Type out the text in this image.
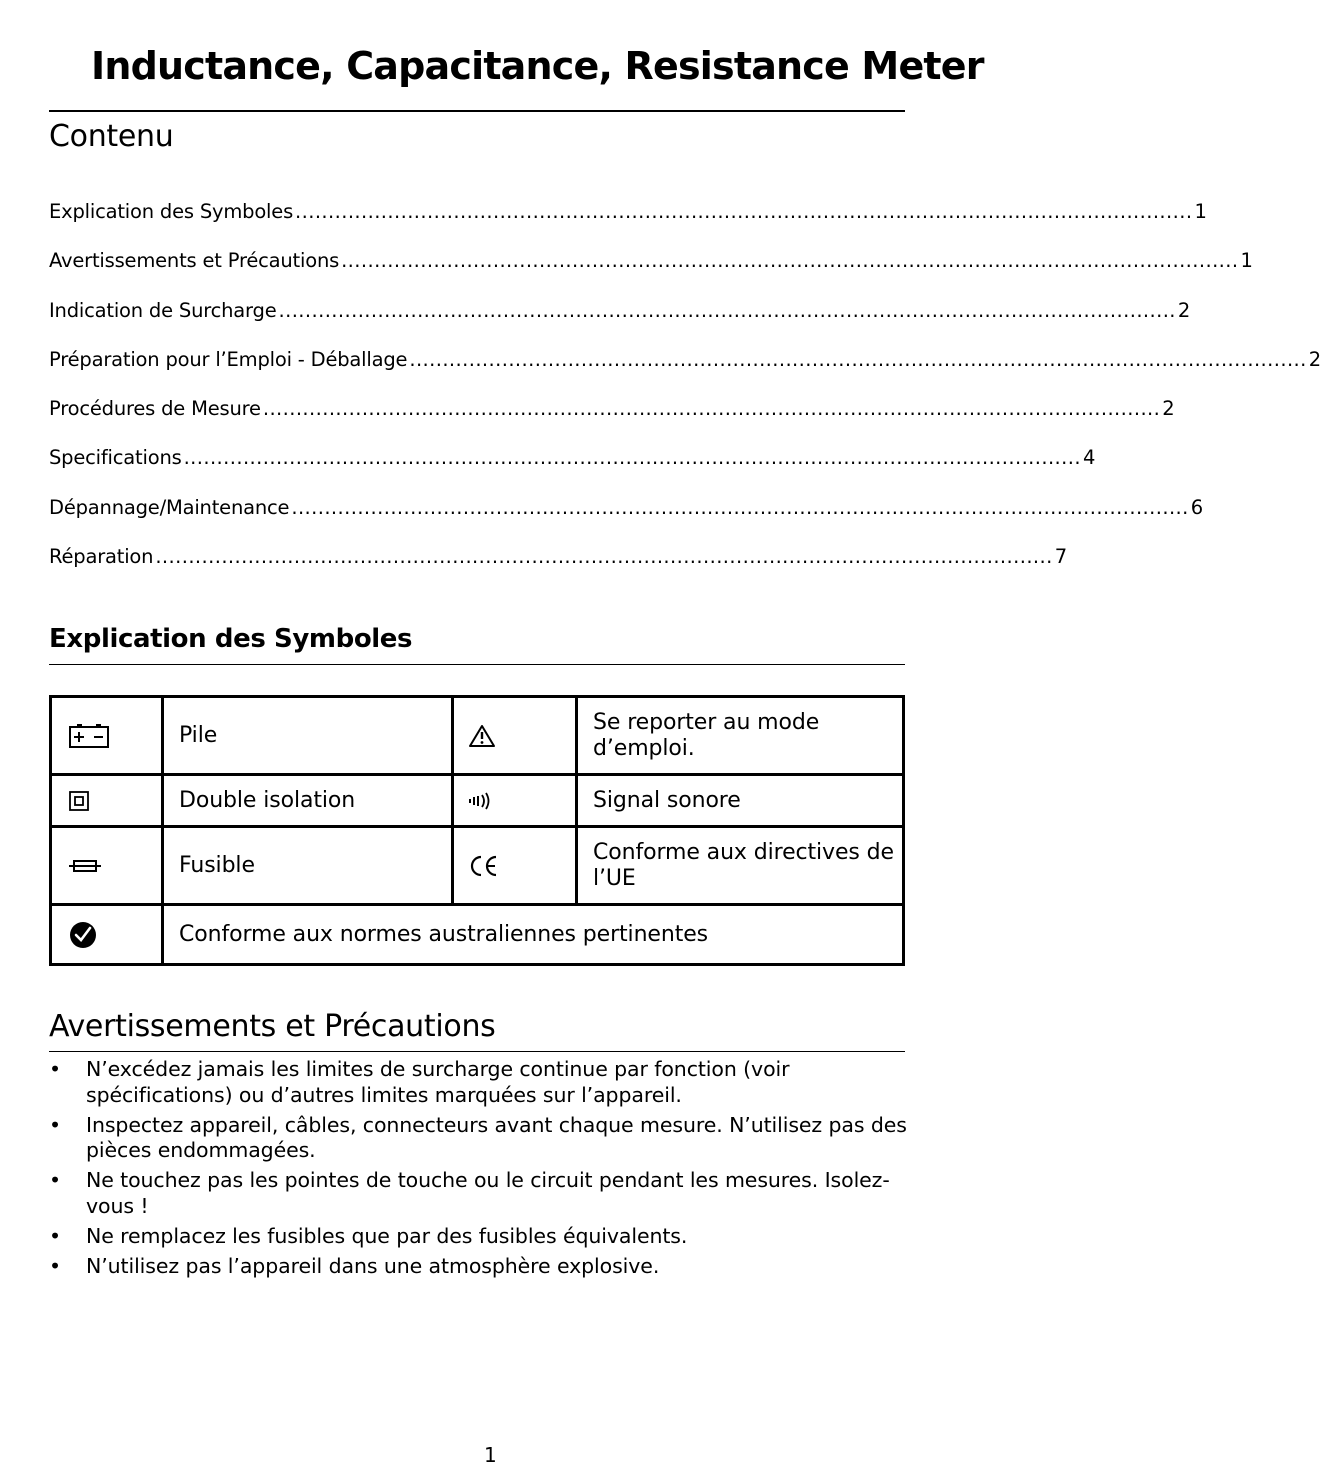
Inductance, Capacitance, Resistance Meter
Contenu
Explication des Symboles ........................................................................................................................................ 1
Avertissements et Précautions ........................................................................................................................................ 1
Indication de Surcharge ........................................................................................................................................ 2
Préparation pour l’Emploi - Déballage ........................................................................................................................................ 2
Procédures de Mesure ........................................................................................................................................ 2
Specifications ........................................................................................................................................ 4
Dépannage/Maintenance ........................................................................................................................................ 6
Réparation ........................................................................................................................................ 7
Explication des Symboles
	Pile		Se reporter au mode d’emploi.

	Double isolation		Signal sonore

	Fusible		Conforme aux directives de l’UE

	Conforme aux normes australiennes pertinentes		
Avertissements et Précautions
• N’excédez jamais les limites de surcharge continue par fonction (voir spécifications) ou d’autres limites marquées sur l’appareil.
• Inspectez appareil, câbles, connecteurs avant chaque mesure. N’utilisez pas des pièces endommagées.
• Ne touchez pas les pointes de touche ou le circuit pendant les mesures. Isolez-vous !
• Ne remplacez les fusibles que par des fusibles équivalents.
• N’utilisez pas l’appareil dans une atmosphère explosive.
1
